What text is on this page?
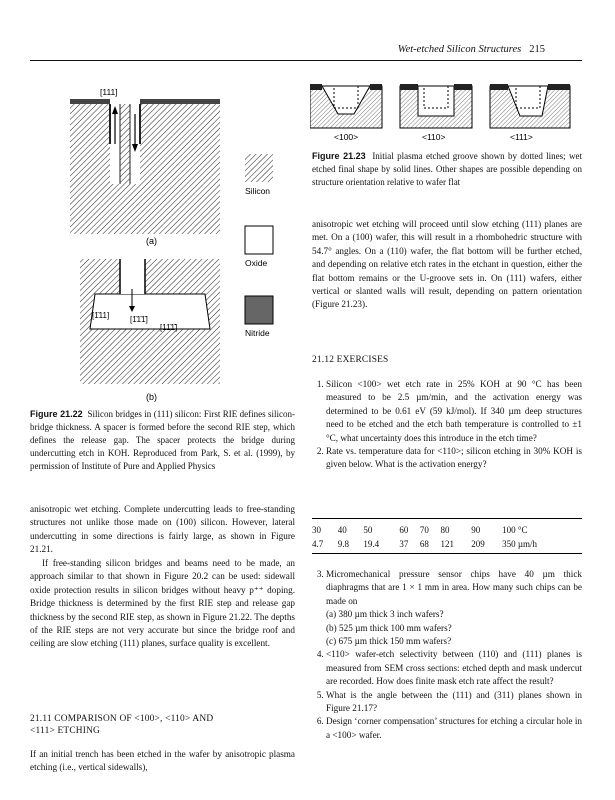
Wet-etched Silicon Structures 215
[111]
(a)
[1̄11]	[1̄1̄1̄]
[11̄1̄]
(b)
Silicon
Oxide
Nitride
Figure 21.22 Silicon bridges in (111) silicon: First RIE defines silicon-bridge thickness. A spacer is formed before the second RIE step, which defines the release gap. The spacer protects the bridge during undercutting etch in KOH. Reproduced from Park, S. et al. (1999), by permission of Institute of Pure and Applied Physics
anisotropic wet etching. Complete undercutting leads to free-standing structures not unlike those made on (100) silicon. However, lateral undercutting in some directions is fairly large, as shown in Figure 21.21.
If free-standing silicon bridges and beams need to be made, an approach similar to that shown in Figure 20.2 can be used: sidewall oxide protection results in silicon bridges without heavy p⁺⁺ doping. Bridge thickness is determined by the first RIE step and release gap thickness by the second RIE step, as shown in Figure 21.22. The depths of the RIE steps are not very accurate but since the bridge roof and ceiling are slow etching (111) planes, surface quality is excellent.
21.11 COMPARISON OF <100>, <110> AND
<111> ETCHING
If an initial trench has been etched in the wafer by anisotropic plasma etching (i.e., vertical sidewalls),
<100>	<110>	<111>
Figure 21.23 Initial plasma etched groove shown by dotted lines; wet etched final shape by solid lines. Other shapes are possible depending on structure orientation relative to wafer flat
anisotropic wet etching will proceed until slow etching (111) planes are met. On a (100) wafer, this will result in a rhombohedric structure with 54.7° angles. On a (110) wafer, the flat bottom will be further etched, and depending on relative etch rates in the etchant in question, either the flat bottom remains or the U-groove sets in. On (111) wafers, either vertical or slanted walls will result, depending on pattern orientation (Figure 21.23).
21.12 EXERCISES
1. Silicon <100> wet etch rate in 25% KOH at 90 °C has been measured to be 2.5 µm/min, and the activation energy was determined to be 0.61 eV (59 kJ/mol). If 340 µm deep structures need to be etched and the etch bath temperature is controlled to ±1 °C, what uncertainty does this introduce in the etch time?
2. Rate vs. temperature data for <110>; silicon etching in 30% KOH is given below. What is the activation energy?
30	40	50	60	70	80	90	100 °C
4.7	9.8	19.4	37	68	121	209	350 µm/h
3. Micromechanical pressure sensor chips have 40 µm thick diaphragms that are 1 × 1 mm in area. How many such chips can be made on
(a) 380 µm thick 3 inch wafers?
(b) 525 µm thick 100 mm wafers?
(c) 675 µm thick 150 mm wafers?
4. <110> wafer-etch selectivity between (110) and (111) planes is measured from SEM cross sections: etched depth and mask undercut are recorded. How does finite mask etch rate affect the result?
5. What is the angle between the (111) and (311) planes shown in Figure 21.17?
6. Design ‘corner compensation’ structures for etching a circular hole in a <100> wafer.
